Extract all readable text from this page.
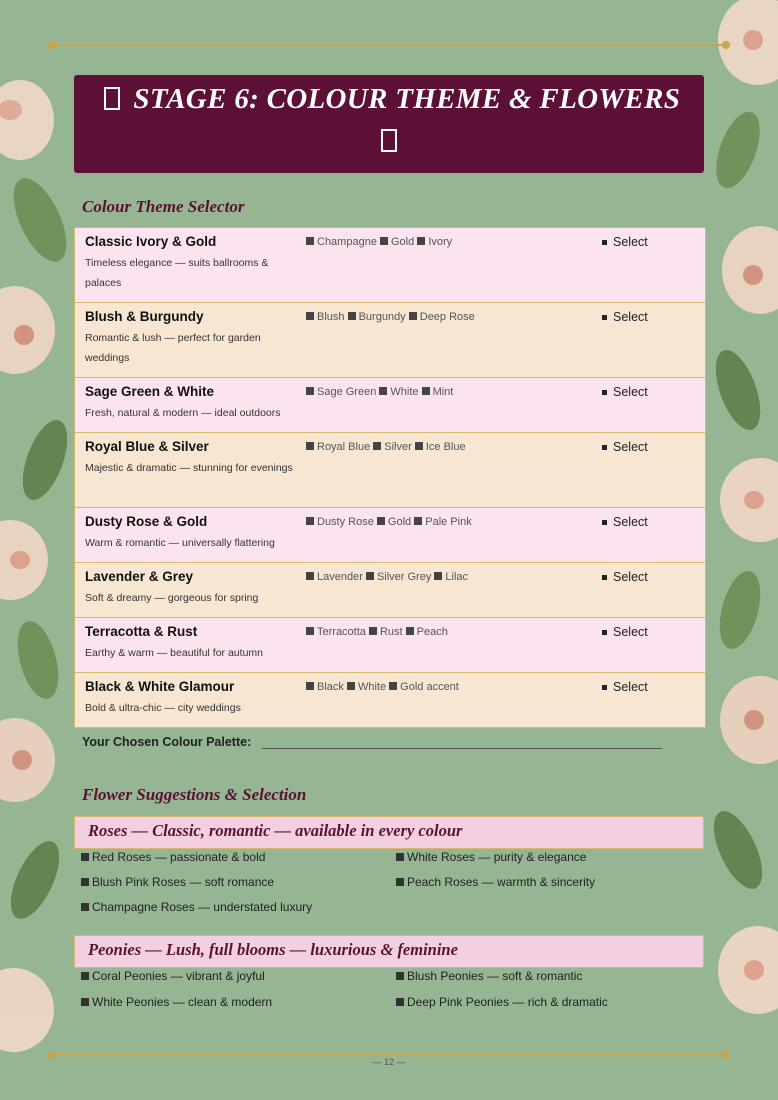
STAGE 6: COLOUR THEME & FLOWERS
Colour Theme Selector
Classic Ivory & Gold
Timeless elegance — suits ballrooms & palaces
Champagne Gold Ivory	Select
Blush & Burgundy
Romantic & lush — perfect for garden weddings
Blush Burgundy Deep Rose	Select
Sage Green & White
Fresh, natural & modern — ideal outdoors
Sage Green White Mint	Select
Royal Blue & Silver
Majestic & dramatic — stunning for evenings
Royal Blue Silver Ice Blue	Select
Dusty Rose & Gold
Warm & romantic — universally flattering
Dusty Rose Gold Pale Pink	Select
Lavender & Grey
Soft & dreamy — gorgeous for spring
Lavender Silver Grey Lilac	Select
Terracotta & Rust
Earthy & warm — beautiful for autumn
Terracotta Rust Peach	Select
Black & White Glamour
Bold & ultra-chic — city weddings
Black White Gold accent	Select
Your Chosen Colour Palette:
Flower Suggestions & Selection
Roses — Classic, romantic — available in every colour
Red Roses — passionate & bold	White Roses — purity & elegance
Blush Pink Roses — soft romance	Peach Roses — warmth & sincerity
Champagne Roses — understated luxury
Peonies — Lush, full blooms — luxurious & feminine
Coral Peonies — vibrant & joyful	Blush Peonies — soft & romantic
White Peonies — clean & modern	Deep Pink Peonies — rich & dramatic
— 12 —
